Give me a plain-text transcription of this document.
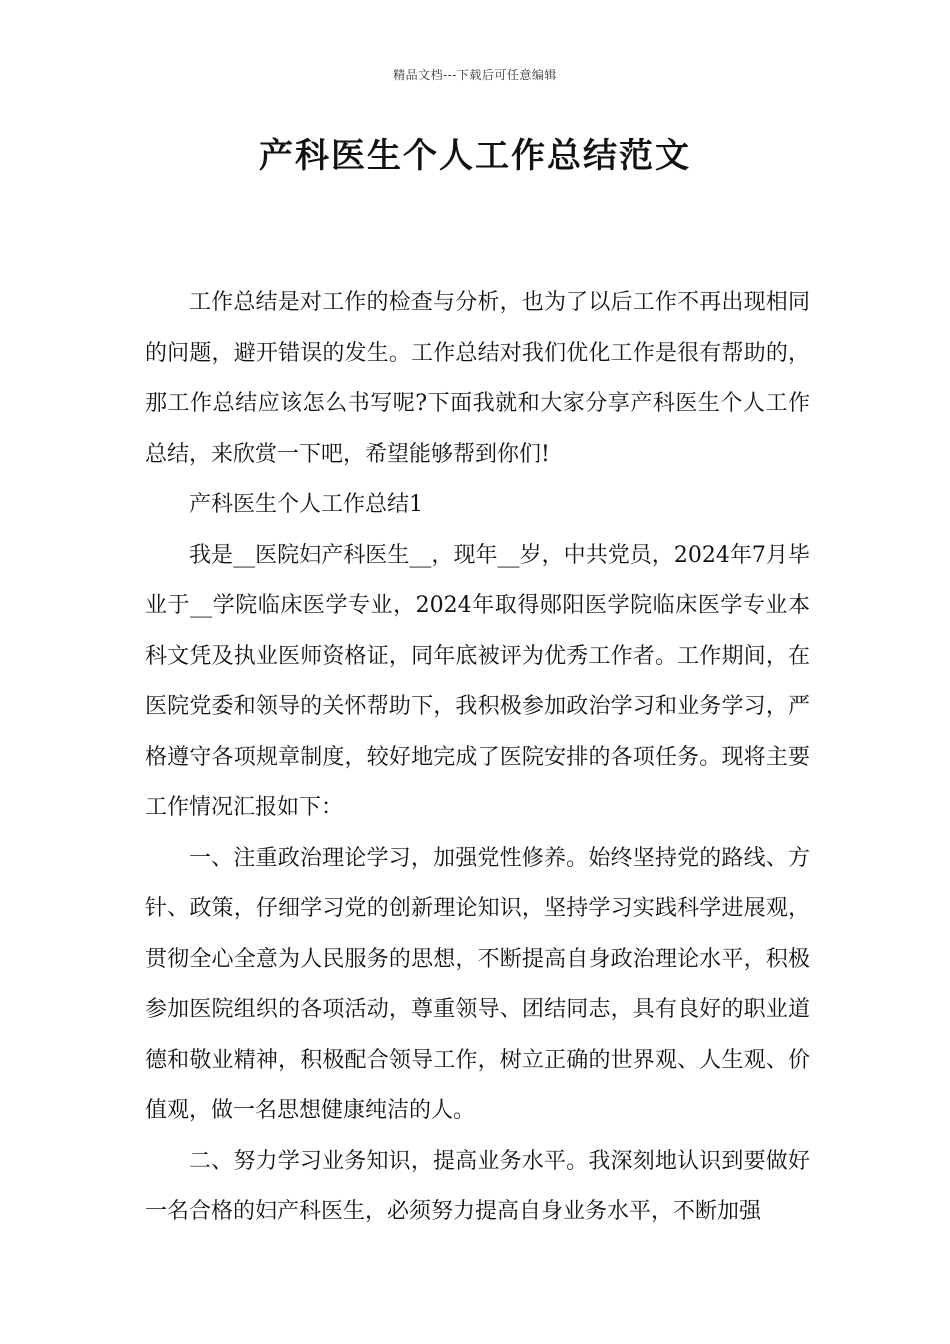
精品文档---下载后可任意编辑
产科医生个人工作总结范文

工作总结是对工作的检查与分析，也为了以后工作不再出现相同的问题，避开错误的发生。工作总结对我们优化工作是很有帮助的，那工作总结应该怎么书写呢?下面我就和大家分享产科医生个人工作总结，来欣赏一下吧，希望能够帮到你们!

产科医生个人工作总结1

我是__医院妇产科医生__，现年__岁，中共党员，2024年7月毕业于__学院临床医学专业，2024年取得郧阳医学院临床医学专业本科文凭及执业医师资格证，同年底被评为优秀工作者。工作期间，在医院党委和领导的关怀帮助下，我积极参加政治学习和业务学习，严格遵守各项规章制度，较好地完成了医院安排的各项任务。现将主要工作情况汇报如下：

一、注重政治理论学习，加强党性修养。始终坚持党的路线、方针、政策，仔细学习党的创新理论知识，坚持学习实践科学进展观，贯彻全心全意为人民服务的思想，不断提高自身政治理论水平，积极参加医院组织的各项活动，尊重领导、团结同志，具有良好的职业道德和敬业精神，积极配合领导工作，树立正确的世界观、人生观、价值观，做一名思想健康纯洁的人。

二、努力学习业务知识，提高业务水平。我深刻地认识到要做好一名合格的妇产科医生，必须努力提高自身业务水平，不断加强
